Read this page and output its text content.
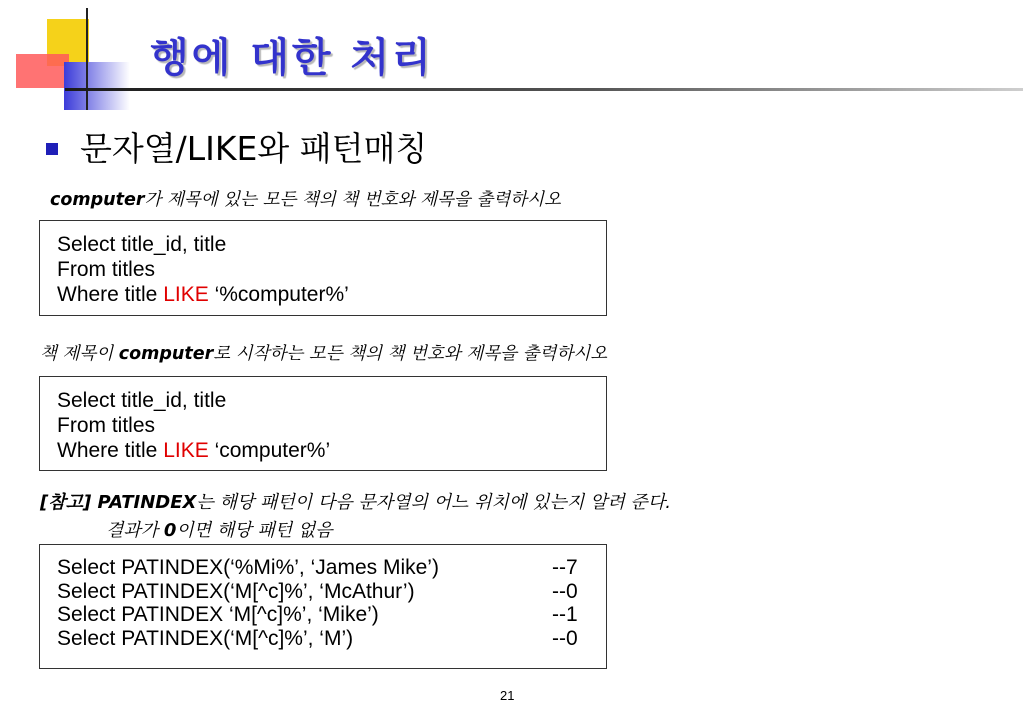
행에 대한 처리
문자열/LIKE와 패턴매칭
computer가 제목에 있는 모든 책의 책 번호와 제목을 출력하시오
Select title_id, title
From titles
Where title LIKE ‘%computer%’
책 제목이 computer로 시작하는 모든 책의 책 번호와 제목을 출력하시오
Select title_id, title
From titles
Where title LIKE ‘computer%’
[참고] PATINDEX는 해당 패턴이 다음 문자열의 어느 위치에 있는지 알려 준다.
결과가 0이면 해당 패턴 없음
Select PATINDEX(‘%Mi%’, ‘James Mike’)	--7
Select PATINDEX(‘M[^c]%’, ‘McAthur’)	--0
Select PATINDEX ‘M[^c]%’, ‘Mike’)	--1
Select PATINDEX(‘M[^c]%’, ‘M’)	--0
21
